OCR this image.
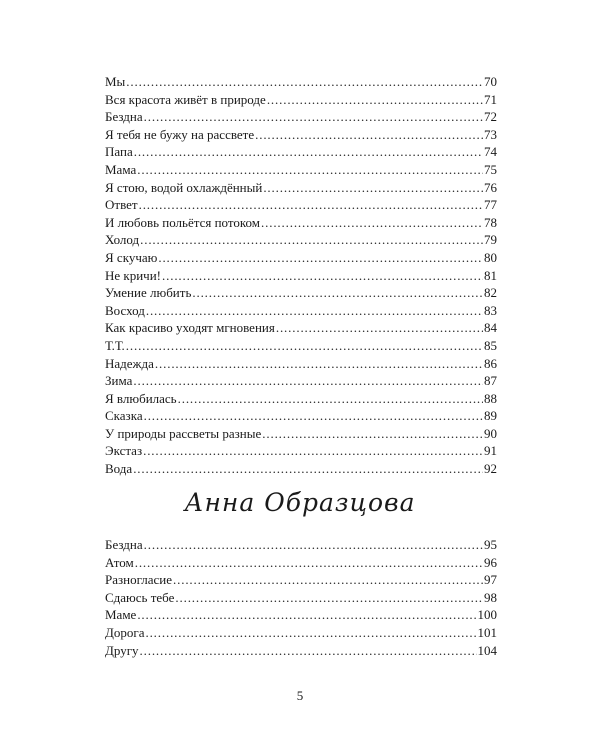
Мы . . .	70
Вся красота живёт в природе . . .	71
Бездна . . .	72
Я тебя не бужу на рассвете . . .	73
Папа . . .	74
Мама . . .	75
Я стою, водой охлаждённый . . .	76
Ответ . . .	77
И любовь польётся потоком . . .	78
Холод . . .	79
Я скучаю . . .	80
Не кричи! . . .	81
Умение любить . . .	82
Восход . . .	83
Как красиво уходят мгновения . . .	84
Т.Т. . . .	85
Надежда . . .	86
Зима . . .	87
Я влюбилась . . .	88
Сказка . . .	89
У природы рассветы разные . . .	90
Экстаз . . .	91
Вода . . .	92
Анна Образцова
Бездна . . .	95
Атом . . .	96
Разногласие . . .	97
Сдаюсь тебе . . .	98
Маме . . .	100
Дорога . . .	101
Другу . . .	104
5
